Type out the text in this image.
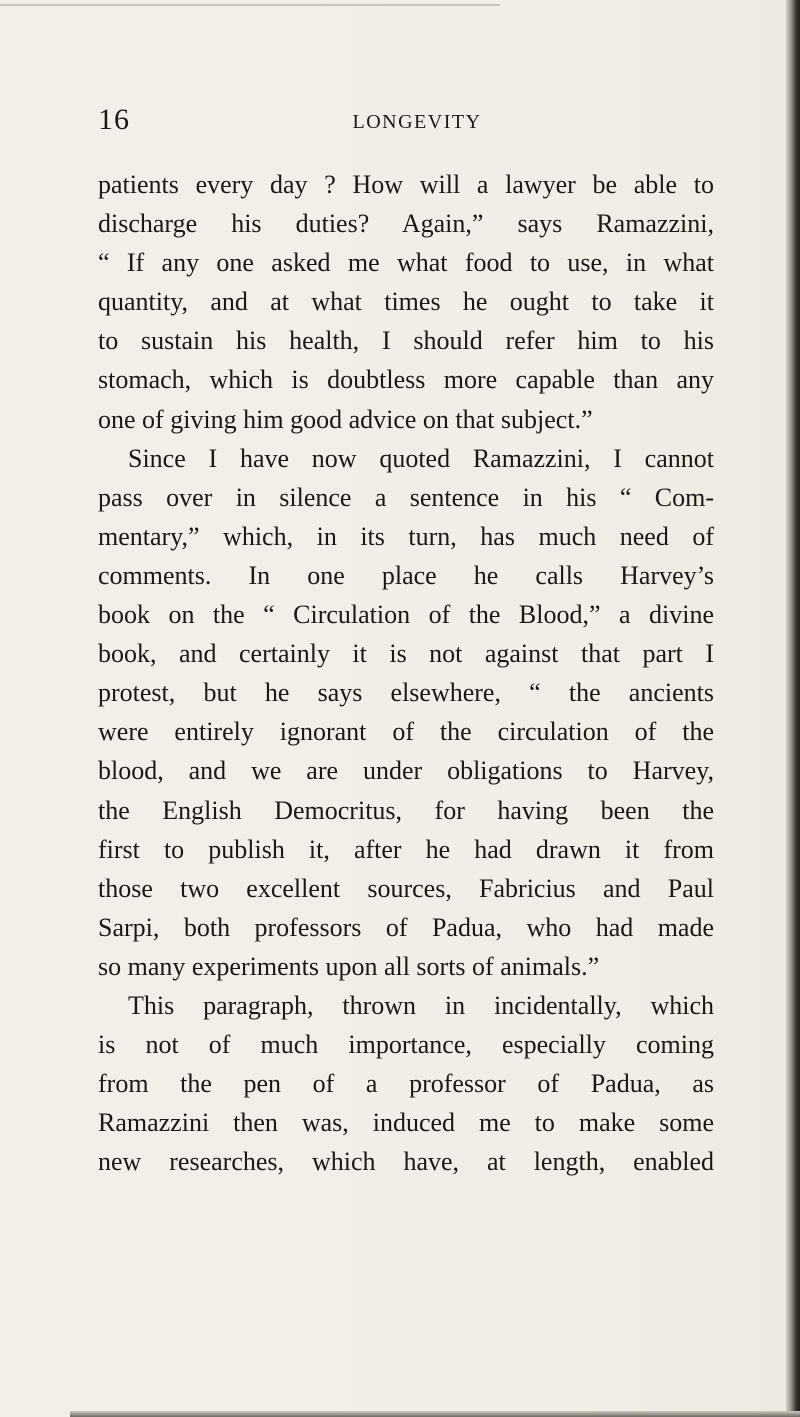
16	LONGEVITY
patients every day ? How will a lawyer be able to
discharge his duties? Again,” says Ramazzini,
“ If any one asked me what food to use, in what
quantity, and at what times he ought to take it
to sustain his health, I should refer him to his
stomach, which is doubtless more capable than any
one of giving him good advice on that subject.”
Since I have now quoted Ramazzini, I cannot
pass over in silence a sentence in his “ Com-
mentary,” which, in its turn, has much need of
comments. In one place he calls Harvey’s
book on the “ Circulation of the Blood,” a divine
book, and certainly it is not against that part I
protest, but he says elsewhere, “ the ancients
were entirely ignorant of the circulation of the
blood, and we are under obligations to Harvey,
the English Democritus, for having been the
first to publish it, after he had drawn it from
those two excellent sources, Fabricius and Paul
Sarpi, both professors of Padua, who had made
so many experiments upon all sorts of animals.”
This paragraph, thrown in incidentally, which
is not of much importance, especially coming
from the pen of a professor of Padua, as
Ramazzini then was, induced me to make some
new researches, which have, at length, enabled
